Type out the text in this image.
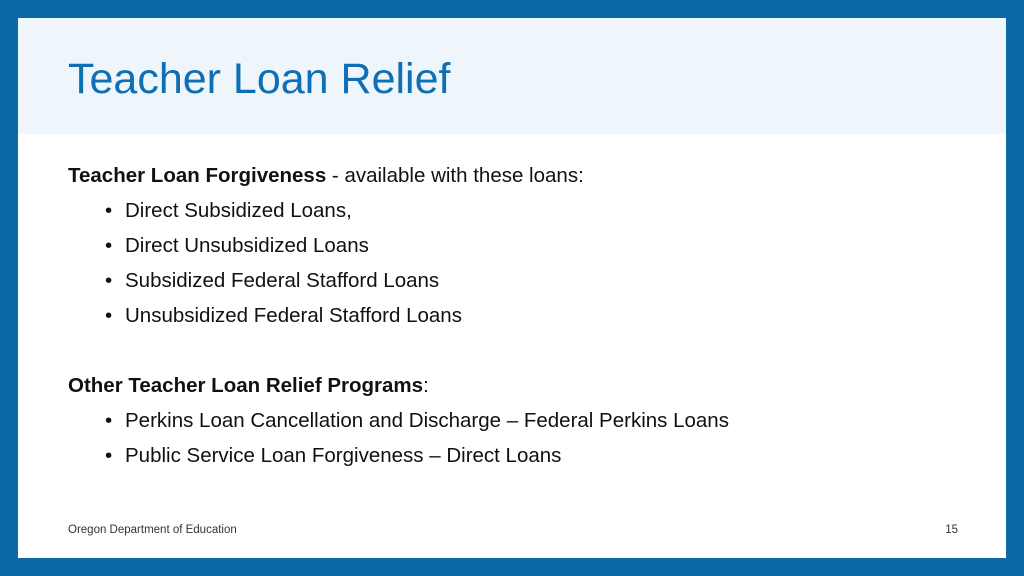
Teacher Loan Relief
Teacher Loan Forgiveness - available with these loans:
• Direct Subsidized Loans,
• Direct Unsubsidized Loans
• Subsidized Federal Stafford Loans
• Unsubsidized Federal Stafford Loans
Other Teacher Loan Relief Programs:
• Perkins Loan Cancellation and Discharge – Federal Perkins Loans
• Public Service Loan Forgiveness – Direct Loans
Oregon Department of Education	15
